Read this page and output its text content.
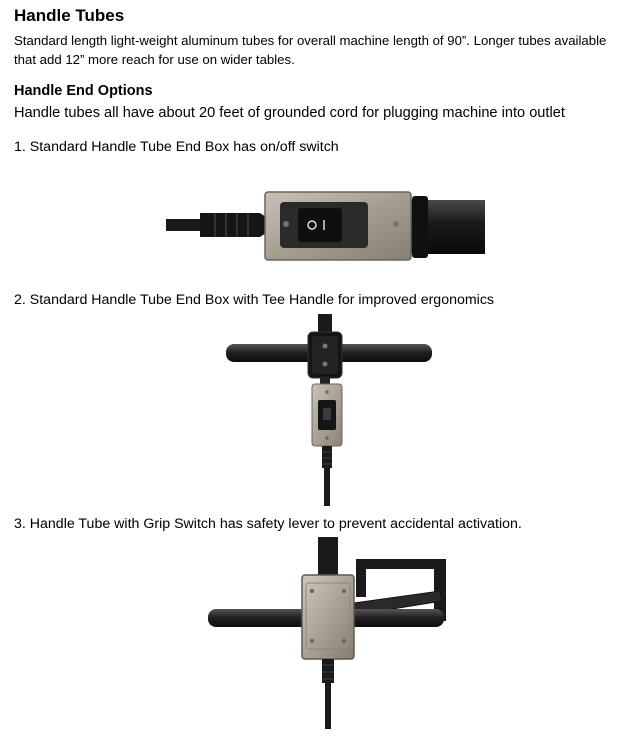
Handle Tubes
Standard length light-weight aluminum tubes for overall machine length of 90”. Longer tubes available that add 12” more reach for use on wider tables.
Handle End Options
Handle tubes all have about 20 feet of grounded cord for plugging machine into outlet
1. Standard Handle Tube End Box has on/off switch
2. Standard Handle Tube End Box with Tee Handle for improved ergonomics
3. Handle Tube with Grip Switch has safety lever to prevent accidental activation.
